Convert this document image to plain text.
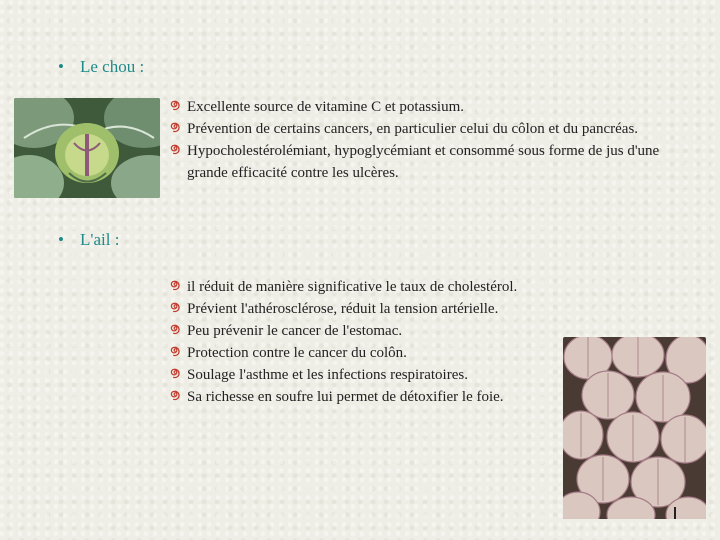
• Le chou :
Excellente source de vitamine C et potassium.
Prévention de certains cancers, en particulier celui du côlon et du pancréas.
Hypocholestérolémiant, hypoglycémiant et consommé sous forme de jus d'une grande efficacité contre les ulcères.
• L'ail :
il réduit de manière significative le taux de cholestérol.
Prévient l'athérosclérose, réduit la tension artérielle.
Peu prévenir le cancer de l'estomac.
Protection contre le cancer du colôn.
Soulage l'asthme et les infections respiratoires.
Sa richesse en soufre lui permet de détoxifier le foie.
